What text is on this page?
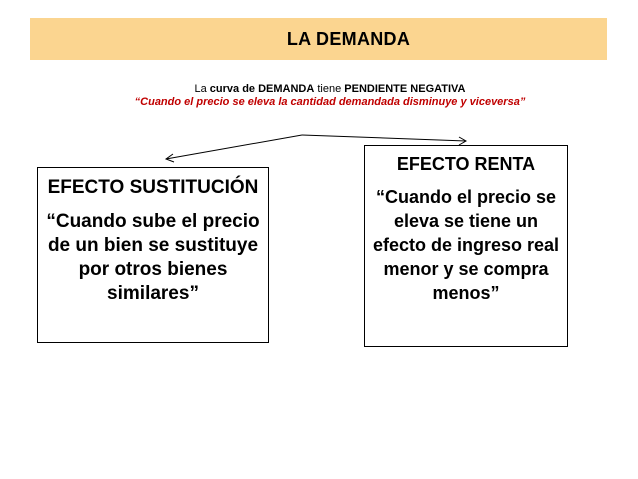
LA DEMANDA
La curva de DEMANDA tiene PENDIENTE NEGATIVA
“Cuando el precio se eleva la cantidad demandada disminuye y viceversa”
EFECTO SUSTITUCIÓN
“Cuando sube el precio de un bien se sustituye por otros bienes similares”
EFECTO RENTA
“Cuando el precio se eleva se tiene un efecto de ingreso real menor y se compra menos”
